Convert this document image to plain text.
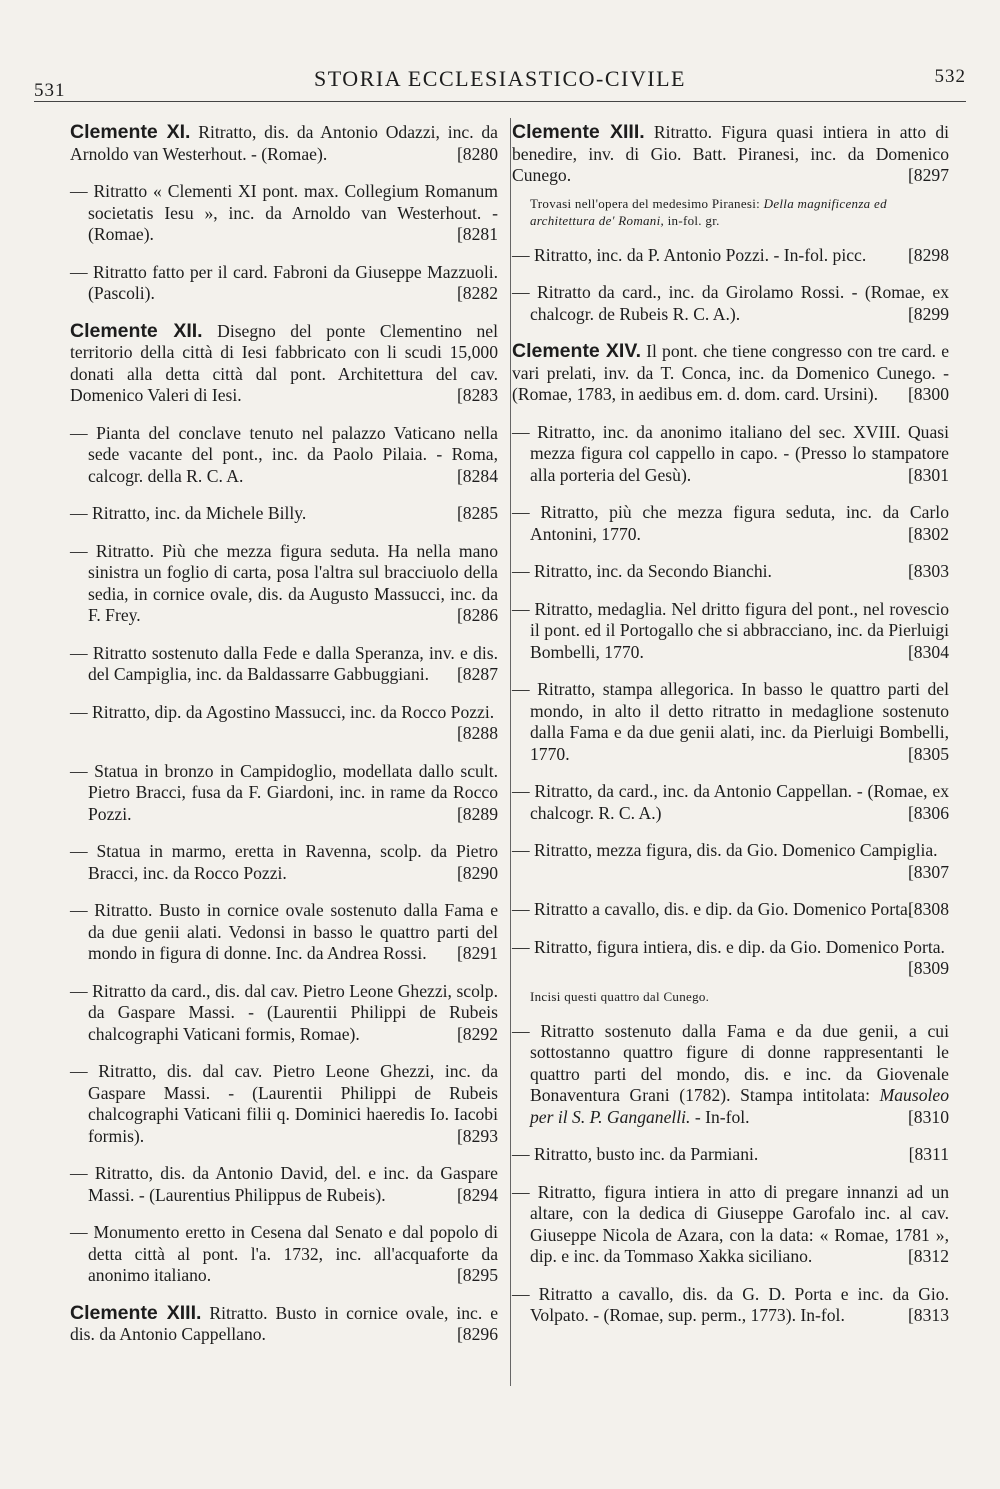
531	STORIA ECCLESIASTICO-CIVILE	532
Clemente XI. Ritratto, dis. da Antonio Odazzi, inc. da Arnoldo van Westerhout. - (Romae).	[8280
— Ritratto « Clementi XI pont. max. Collegium Romanum societatis Iesu », inc. da Arnoldo van Westerhout. - (Romae).	[8281
— Ritratto fatto per il card. Fabroni da Giuseppe Mazzuoli. (Pascoli).	[8282
Clemente XII. Disegno del ponte Clementino nel territorio della città di Iesi fabbricato con li scudi 15,000 donati alla detta città dal pont. Architettura del cav. Domenico Valeri di Iesi.	[8283
— Pianta del conclave tenuto nel palazzo Vaticano nella sede vacante del pont., inc. da Paolo Pilaia. - Roma, calcogr. della R. C. A.	[8284
— Ritratto, inc. da Michele Billy.	[8285
— Ritratto. Più che mezza figura seduta. Ha nella mano sinistra un foglio di carta, posa l'altra sul bracciuolo della sedia, in cornice ovale, dis. da Augusto Massucci, inc. da F. Frey.	[8286
— Ritratto sostenuto dalla Fede e dalla Speranza, inv. e dis. del Campiglia, inc. da Baldassarre Gabbuggiani. [8287
— Ritratto, dip. da Agostino Massucci, inc. da Rocco Pozzi.
[8288
— Statua in bronzo in Campidoglio, modellata dallo scult. Pietro Bracci, fusa da F. Giardoni, inc. in rame da Rocco Pozzi.	[8289
— Statua in marmo, eretta in Ravenna, scolp. da Pietro Bracci, inc. da Rocco Pozzi.	[8290
— Ritratto. Busto in cornice ovale sostenuto dalla Fama e da due genii alati. Vedonsi in basso le quattro parti del mondo in figura di donne. Inc. da Andrea Rossi. [8291
— Ritratto da card., dis. dal cav. Pietro Leone Ghezzi, scolp. da Gaspare Massi. - (Laurentii Philippi de Rubeis chalcographi Vaticani formis, Romae).	[8292
— Ritratto, dis. dal cav. Pietro Leone Ghezzi, inc. da Gaspare Massi. - (Laurentii Philippi de Rubeis chalcographi Vaticani filii q. Dominici haeredis Io. Iacobi formis).	[8293
— Ritratto, dis. da Antonio David, del. e inc. da Gaspare Massi. - (Laurentius Philippus de Rubeis).	[8294
— Monumento eretto in Cesena dal Senato e dal popolo di detta città al pont. l'a. 1732, inc. all'acquaforte da anonimo italiano.	[8295
Clemente XIII. Ritratto. Busto in cornice ovale, inc. e dis. da Antonio Cappellano.	[8296
Clemente XIII. Ritratto. Figura quasi intiera in atto di benedire, inv. di Gio. Batt. Piranesi, inc. da Domenico Cunego.	[8297
Trovasi nell'opera del medesimo Piranesi: Della magnificenza ed architettura de' Romani, in-fol. gr.
— Ritratto, inc. da P. Antonio Pozzi. - In-fol. picc. [8298
— Ritratto da card., inc. da Girolamo Rossi. - (Romae, ex chalcogr. de Rubeis R. C. A.).	[8299
Clemente XIV. Il pont. che tiene congresso con tre card. e vari prelati, inv. da T. Conca, inc. da Domenico Cunego. - (Romae, 1783, in aedibus em. d. dom. card. Ursini). [8300
— Ritratto, inc. da anonimo italiano del sec. XVIII. Quasi mezza figura col cappello in capo. - (Presso lo stampatore alla porteria del Gesù).	[8301
— Ritratto, più che mezza figura seduta, inc. da Carlo Antonini, 1770.	[8302
— Ritratto, inc. da Secondo Bianchi.	[8303
— Ritratto, medaglia. Nel dritto figura del pont., nel rovescio il pont. ed il Portogallo che si abbracciano, inc. da Pierluigi Bombelli, 1770.	[8304
— Ritratto, stampa allegorica. In basso le quattro parti del mondo, in alto il detto ritratto in medaglione sostenuto dalla Fama e da due genii alati, inc. da Pierluigi Bombelli, 1770.	[8305
— Ritratto, da card., inc. da Antonio Cappellan. - (Romae, ex chalcogr. R. C. A.)	[8306
— Ritratto, mezza figura, dis. da Gio. Domenico Campiglia.
[8307
— Ritratto a cavallo, dis. e dip. da Gio. Domenico Porta.
[8308
— Ritratto, figura intiera, dis. e dip. da Gio. Domenico Porta.
[8309
Incisi questi quattro dal Cunego.
— Ritratto sostenuto dalla Fama e da due genii, a cui sottostanno quattro figure di donne rappresentanti le quattro parti del mondo, dis. e inc. da Giovenale Bonaventura Grani (1782). Stampa intitolata: Mausoleo per il S. P. Ganganelli. - In-fol.	[8310
— Ritratto, busto inc. da Parmiani.	[8311
— Ritratto, figura intiera in atto di pregare innanzi ad un altare, con la dedica di Giuseppe Garofalo inc. al cav. Giuseppe Nicola de Azara, con la data: « Romae, 1781 », dip. e inc. da Tommaso Xakka siciliano.	[8312
— Ritratto a cavallo, dis. da G. D. Porta e inc. da Gio. Volpato. - (Romae, sup. perm., 1773). In-fol.	[8313
